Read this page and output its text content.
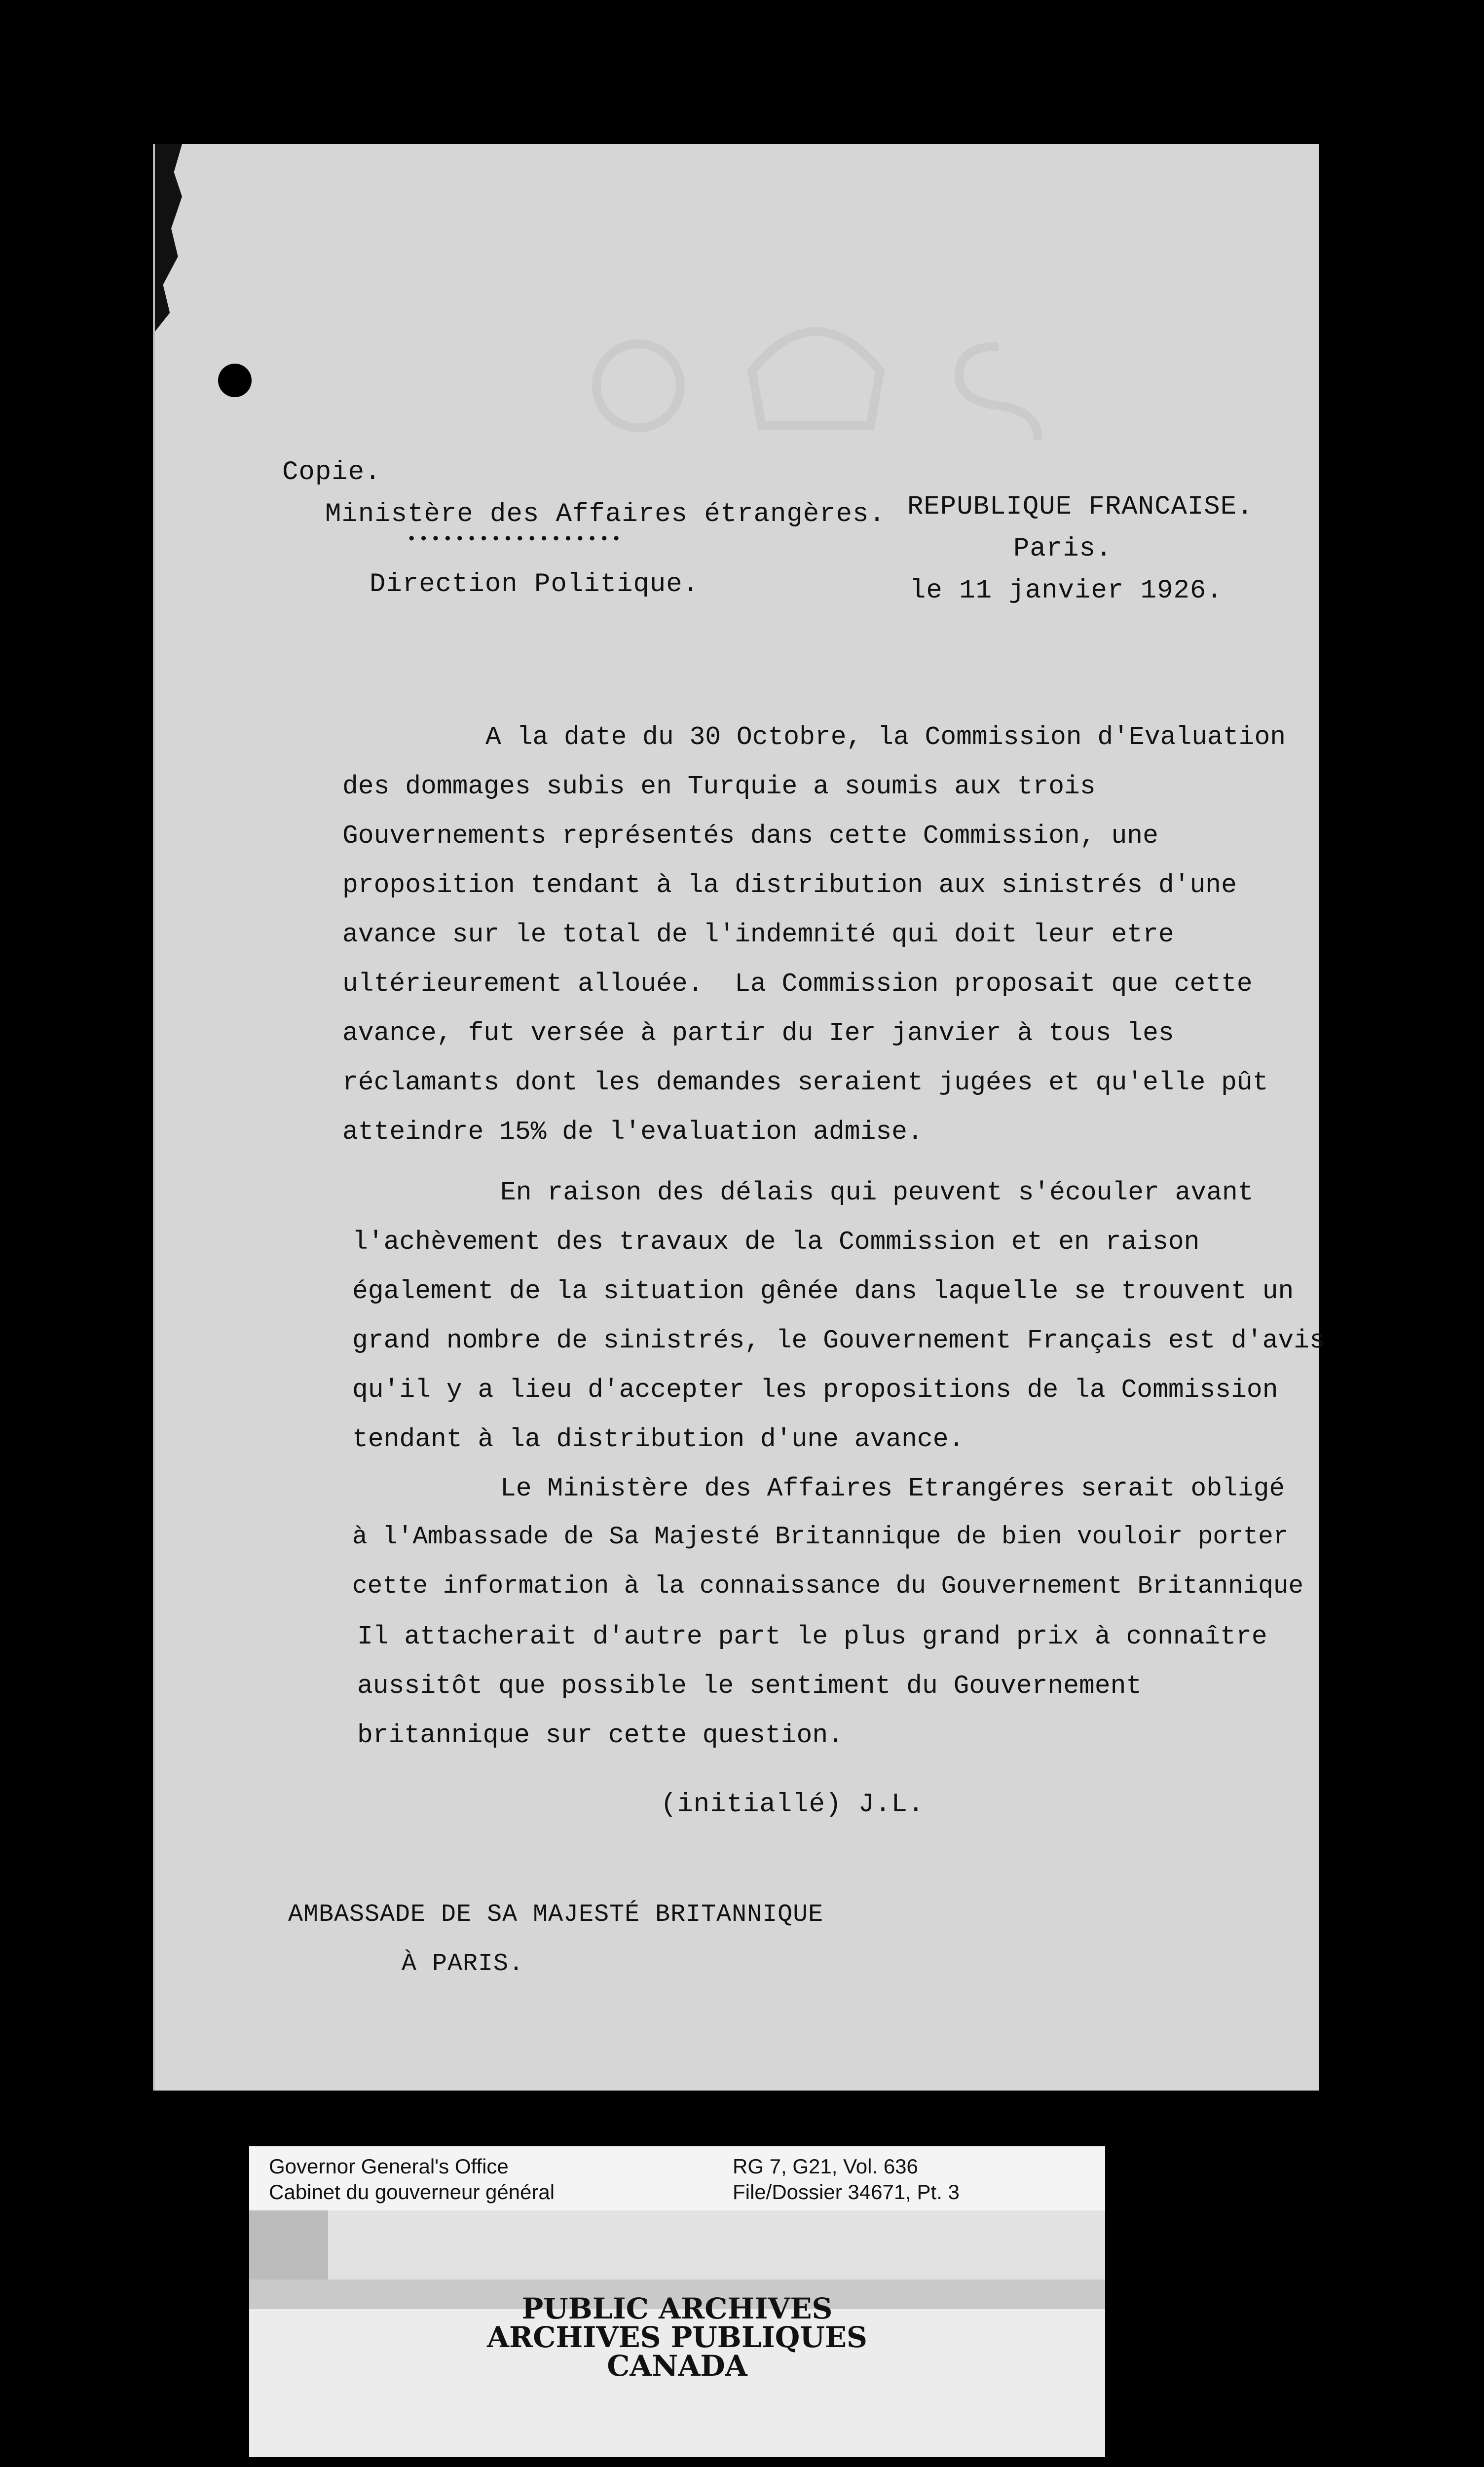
Copie.
Ministère des Affaires étrangères.
••••••••••••••••••
Direction Politique.
REPUBLIQUE FRANCAISE.
Paris.
le 11 janvier 1926.
A la date du 30 Octobre, la Commission d'Evaluation
des dommages subis en Turquie a soumis aux trois
Gouvernements représentés dans cette Commission, une
proposition tendant à la distribution aux sinistrés d'une
avance sur le total de l'indemnité qui doit leur etre
ultérieurement allouée.  La Commission proposait que cette
avance, fut versée à partir du Ier janvier à tous les
réclamants dont les demandes seraient jugées et qu'elle pût
atteindre 15% de l'evaluation admise.
En raison des délais qui peuvent s'écouler avant
l'achèvement des travaux de la Commission et en raison
également de la situation gênée dans laquelle se trouvent un
grand nombre de sinistrés, le Gouvernement Français est d'avis
qu'il y a lieu d'accepter les propositions de la Commission
tendant à la distribution d'une avance.
Le Ministère des Affaires Etrangéres serait obligé
à l'Ambassade de Sa Majesté Britannique de bien vouloir porter
cette information à la connaissance du Gouvernement Britannique
Il attacherait d'autre part le plus grand prix à connaître
aussitôt que possible le sentiment du Gouvernement
britannique sur cette question.
(initiallé) J.L.
AMBASSADE DE SA MAJESTÉ BRITANNIQUE
À PARIS.
Governor General's Office
Cabinet du gouverneur général
RG 7, G21, Vol. 636
File/Dossier 34671, Pt. 3
PUBLIC ARCHIVES
ARCHIVES PUBLIQUES
CANADA
